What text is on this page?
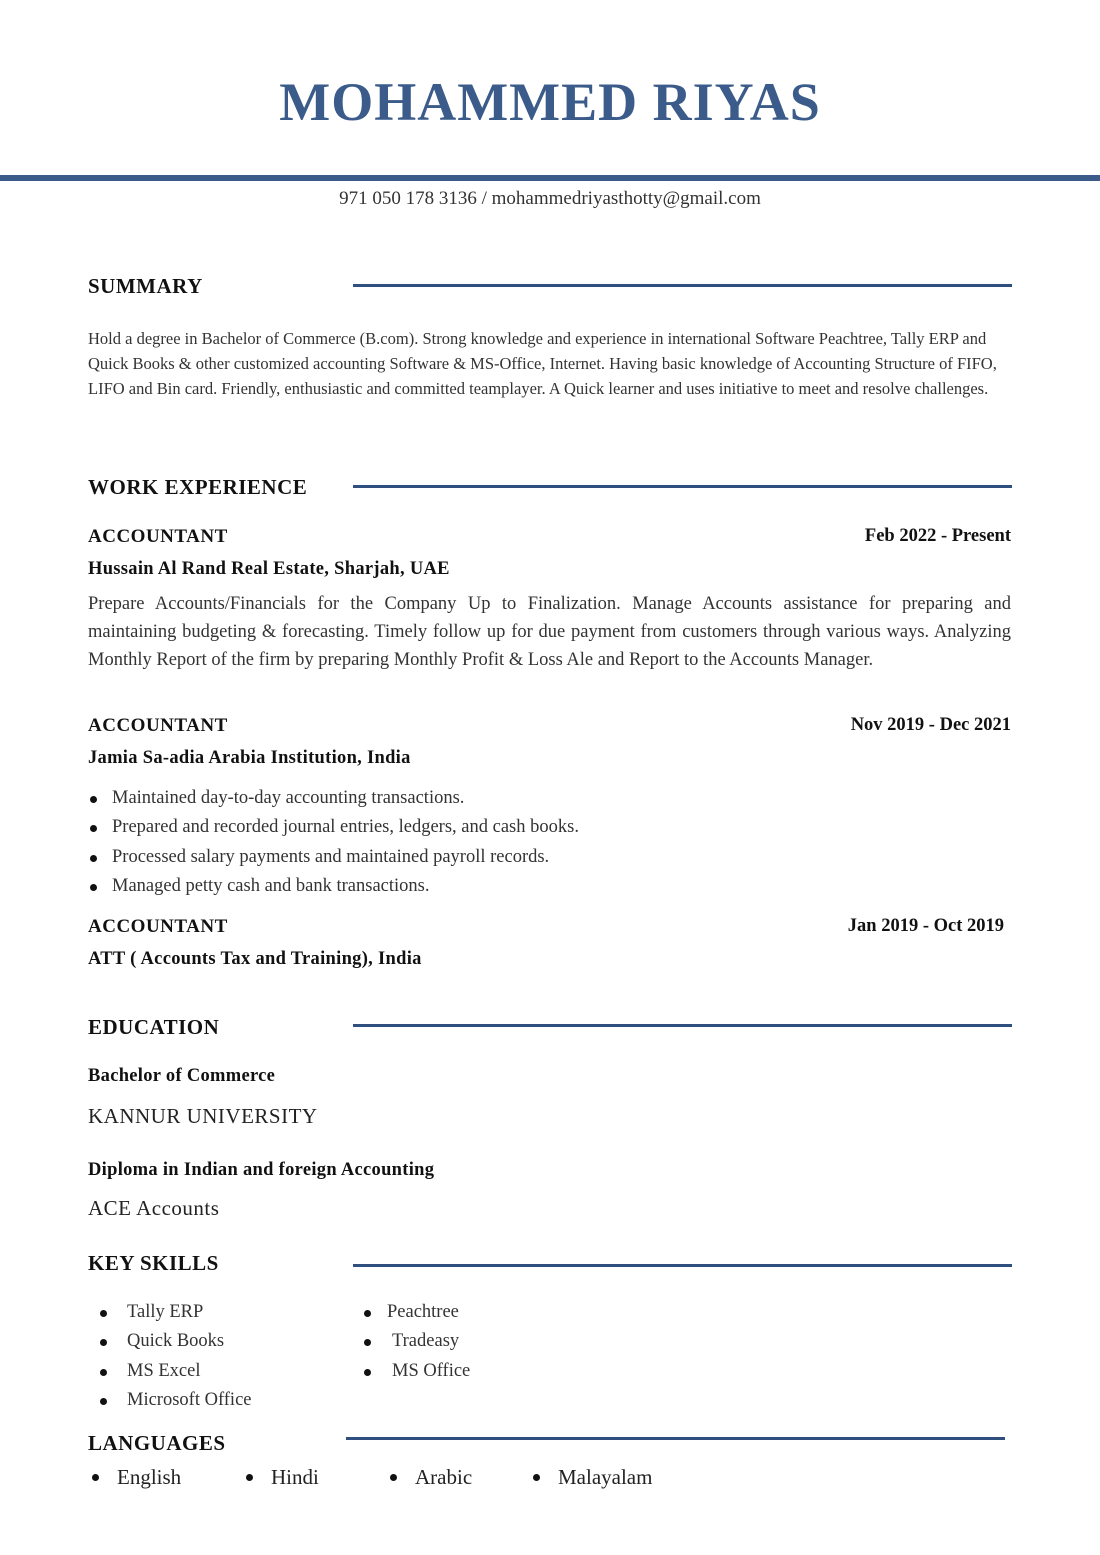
MOHAMMED RIYAS
971 050 178 3136 / mohammedriyasthotty@gmail.com
SUMMARY
Hold a degree in Bachelor of Commerce (B.com). Strong knowledge and experience in international Software Peachtree, Tally ERP and Quick Books & other customized accounting Software & MS-Office, Internet. Having basic knowledge of Accounting Structure of FIFO, LIFO and Bin card. Friendly, enthusiastic and committed teamplayer. A Quick learner and uses initiative to meet and resolve challenges.
WORK EXPERIENCE
ACCOUNTANT	Feb 2022 - Present
Hussain Al Rand Real Estate, Sharjah, UAE
Prepare Accounts/Financials for the Company Up to Finalization. Manage Accounts assistance for preparing and maintaining budgeting & forecasting. Timely follow up for due payment from customers through various ways. Analyzing Monthly Report of the firm by preparing Monthly Profit & Loss Ale and Report to the Accounts Manager.
ACCOUNTANT	Nov 2019 - Dec 2021
Jamia Sa-adia Arabia Institution, India
Maintained day-to-day accounting transactions.
Prepared and recorded journal entries, ledgers, and cash books.
Processed salary payments and maintained payroll records.
Managed petty cash and bank transactions.
ACCOUNTANT	Jan 2019 - Oct 2019
ATT ( Accounts Tax and Training), India
EDUCATION
Bachelor of Commerce
KANNUR UNIVERSITY
Diploma in Indian and foreign Accounting
ACE Accounts
KEY SKILLS
Tally ERP
Quick Books
MS Excel
Microsoft Office
Peachtree
Tradeasy
MS Office
LANGUAGES
English	Hindi	Arabic	Malayalam
